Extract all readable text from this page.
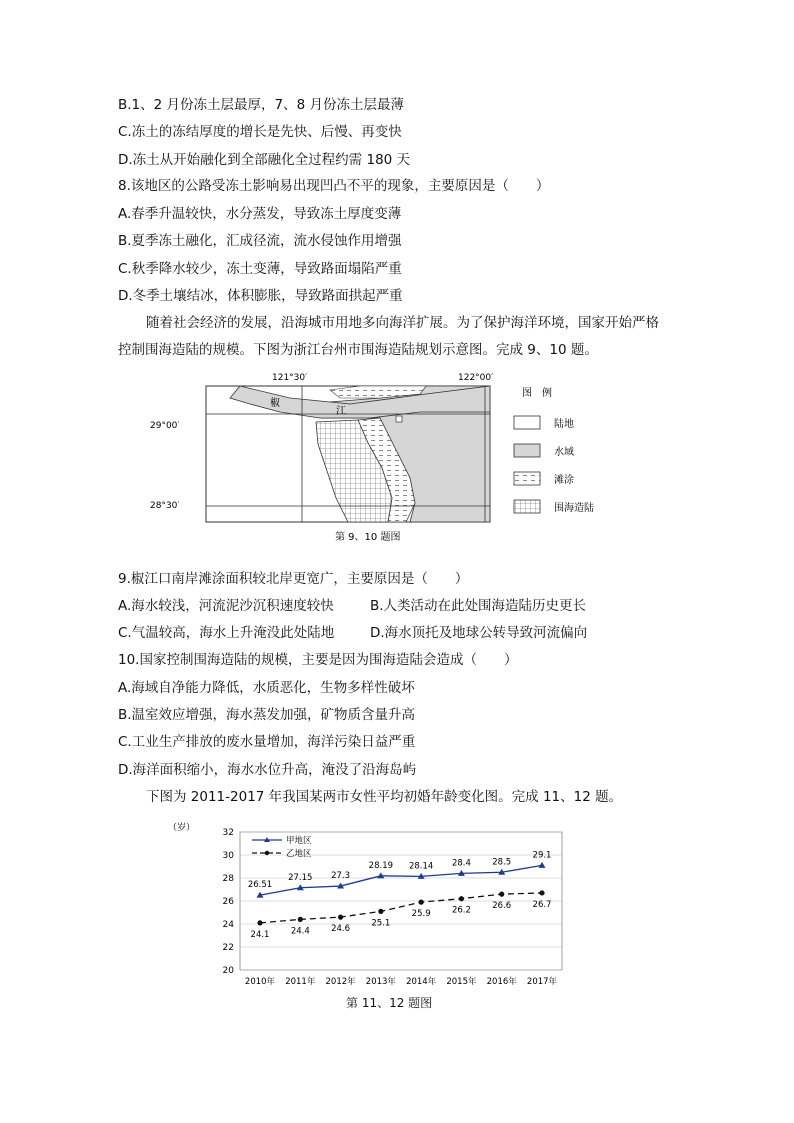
B.1、2 月份冻土层最厚，7、8 月份冻土层最薄
C.冻土的冻结厚度的增长是先快、后慢、再变快
D.冻土从开始融化到全部融化全过程约需 180 天
8.该地区的公路受冻土影响易出现凹凸不平的现象，主要原因是（　　）
A.春季升温较快，水分蒸发，导致冻土厚度变薄
B.夏季冻土融化，汇成径流，流水侵蚀作用增强
C.秋季降水较少，冻土变薄，导致路面塌陷严重
D.冬季土壤结冰，体积膨胀，导致路面拱起严重
随着社会经济的发展，沿海城市用地多向海洋扩展。为了保护海洋环境，国家开始严格
控制围海造陆的规模。下图为浙江台州市围海造陆规划示意图。完成 9、10 题。
121°30′	122°00′
29°00′
28°30′
椒
江
图　例
陆地
水域
滩涂
围海造陆
第 9、10 题图
9.椒江口南岸滩涂面积较北岸更宽广，主要原因是（　　）
A.海水较浅，河流泥沙沉积速度较快	B.人类活动在此处围海造陆历史更长
C.气温较高，海水上升淹没此处陆地	D.海水顶托及地球公转导致河流偏向
10.国家控制围海造陆的规模，主要是因为围海造陆会造成（　　）
A.海域自净能力降低，水质恶化，生物多样性破坏
B.温室效应增强，海水蒸发加强，矿物质含量升高
C.工业生产排放的废水量增加，海洋污染日益严重
D.海洋面积缩小，海水水位升高，淹没了沿海岛屿
下图为 2011-2017 年我国某两市女性平均初婚年龄变化图。完成 11、12 题。
（岁）
20
22
24
26
28
30
32
2010年 2011年 2012年 2013年 2014年 2015年 2016年 2017年
26.51
27.15 27.3
28.19 28.14 28.4	28.5
29.1
24.1	24.4	24.6
25.1
25.9	26.2	26.6	26.7
甲地区
乙地区
第 11、12 题图
